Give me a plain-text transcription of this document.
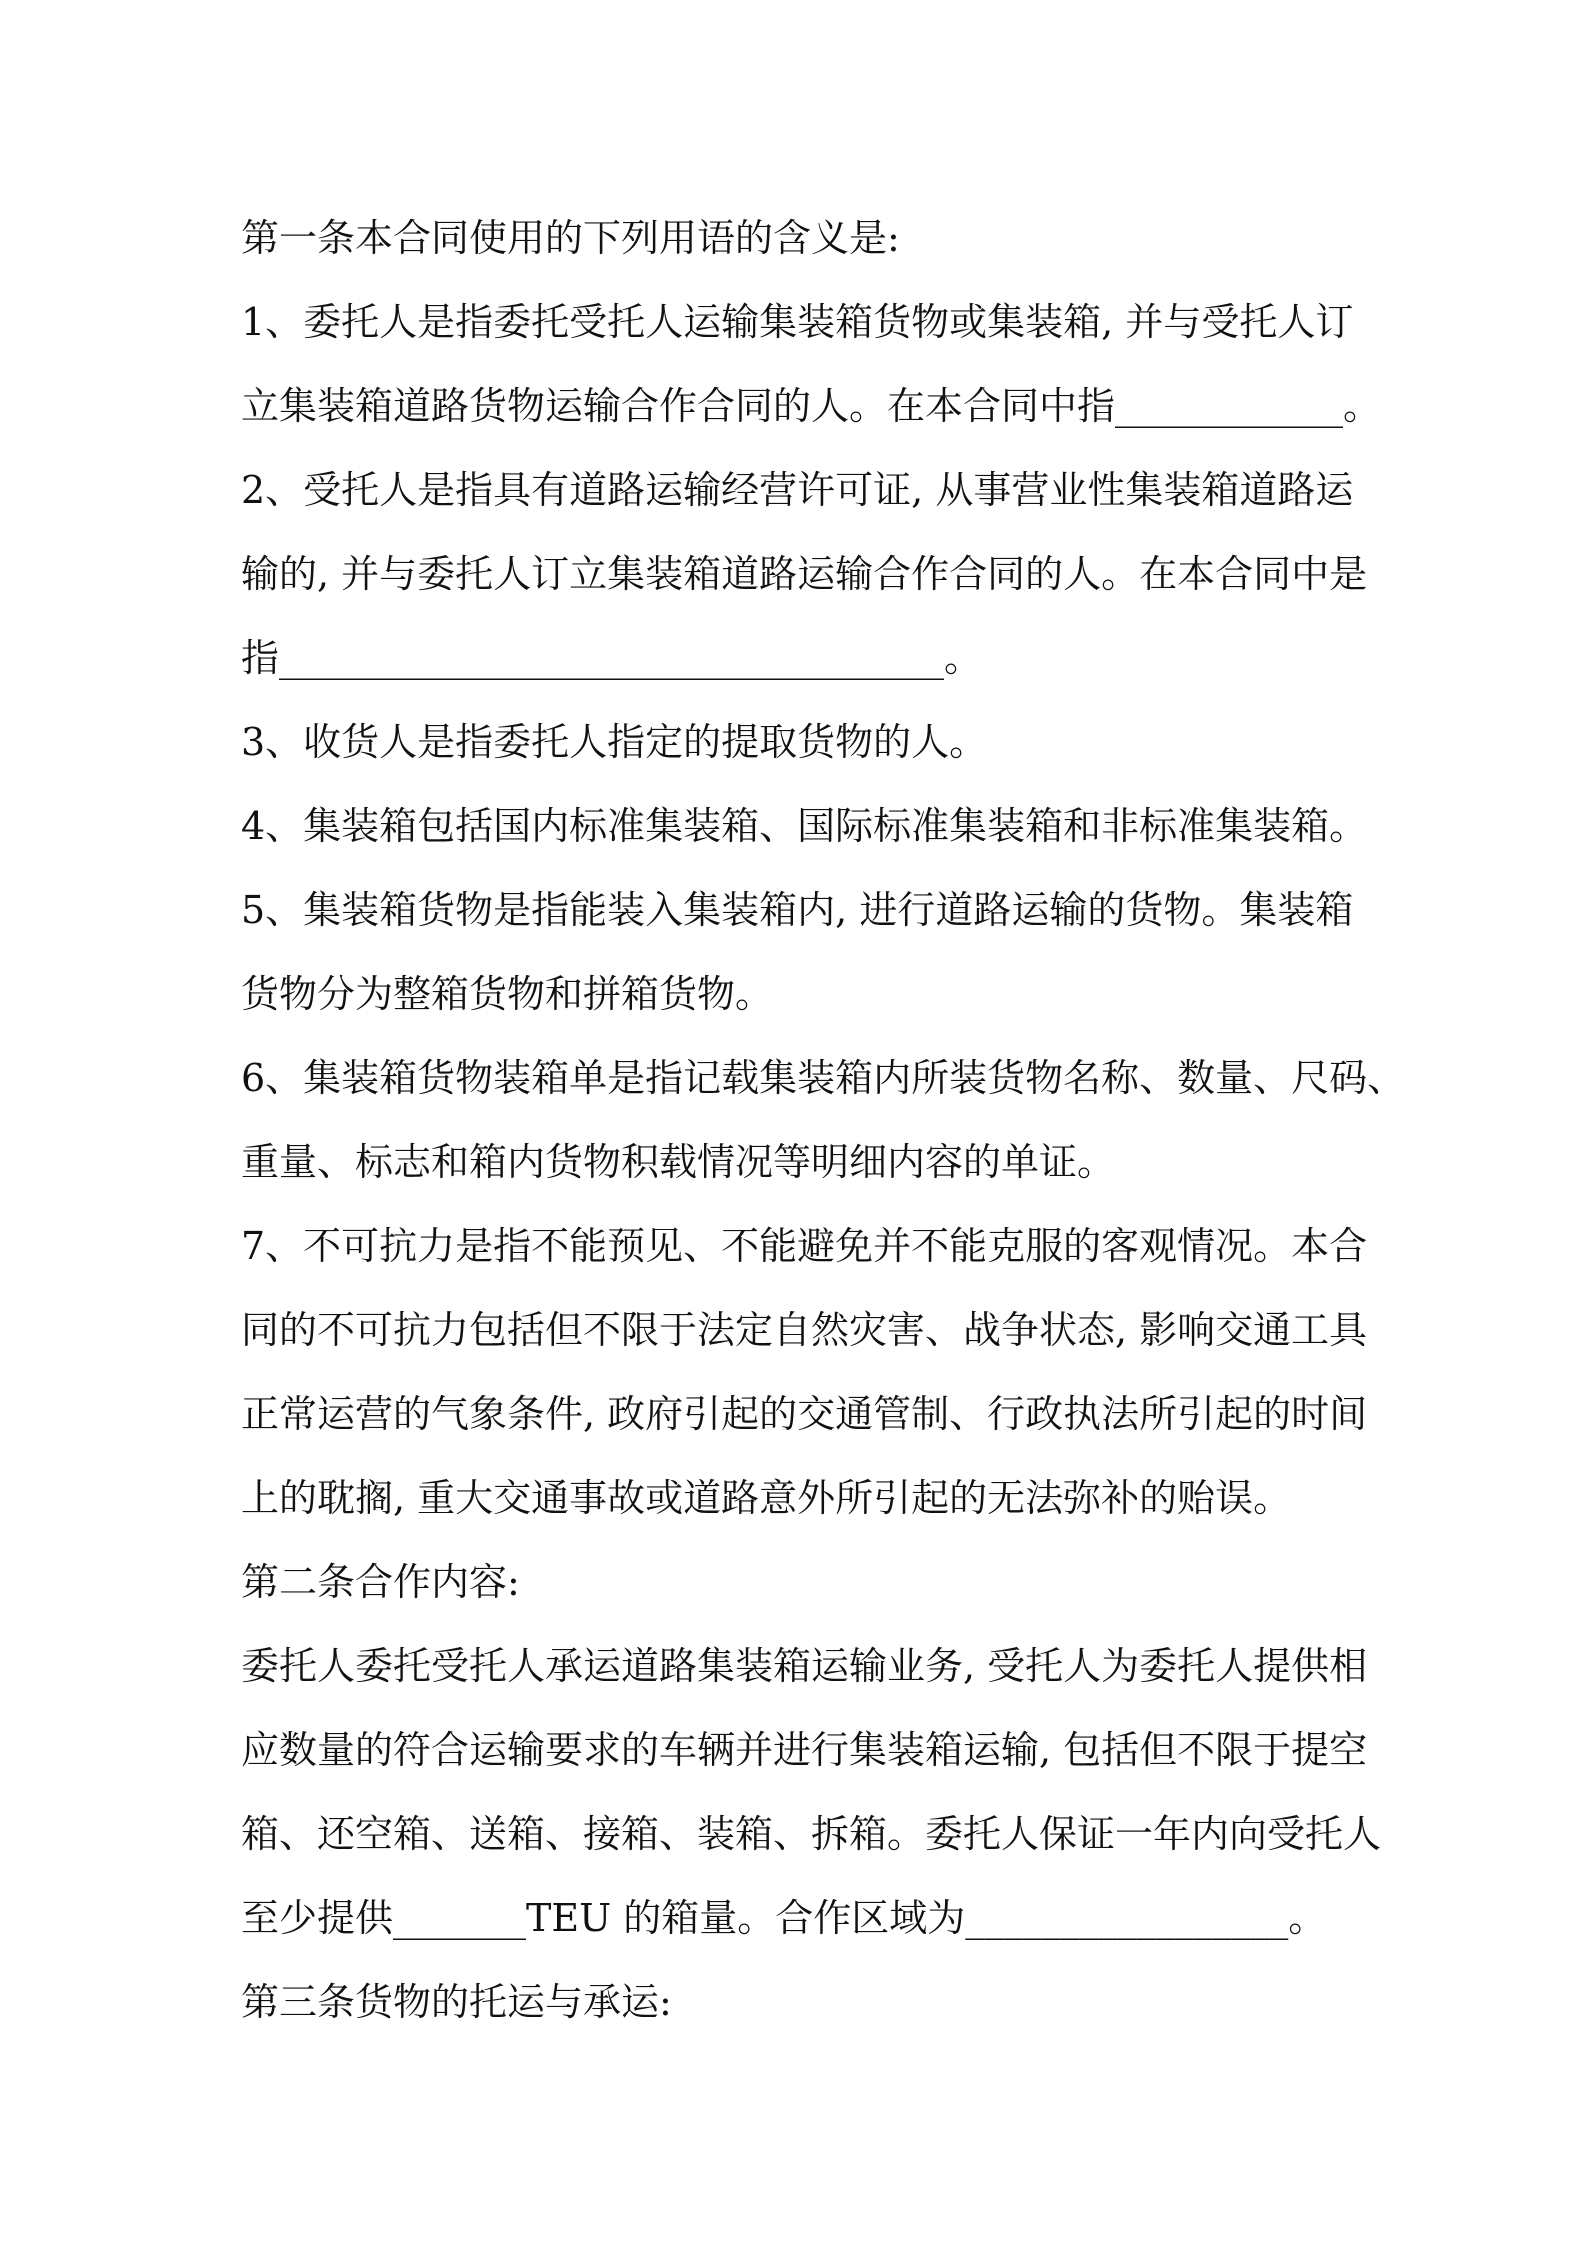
第一条本合同使用的下列用语的含义是:
1、委托人是指委托受托人运输集装箱货物或集装箱, 并与受托人订
立集装箱道路货物运输合作合同的人。在本合同中指____________。
2、受托人是指具有道路运输经营许可证, 从事营业性集装箱道路运
输的, 并与委托人订立集装箱道路运输合作合同的人。在本合同中是
指___________________________________。
3、收货人是指委托人指定的提取货物的人。
4、集装箱包括国内标准集装箱、国际标准集装箱和非标准集装箱。
5、集装箱货物是指能装入集装箱内, 进行道路运输的货物。集装箱
货物分为整箱货物和拼箱货物。
6、集装箱货物装箱单是指记载集装箱内所装货物名称、数量、尺码、
重量、标志和箱内货物积载情况等明细内容的单证。
7、不可抗力是指不能预见、不能避免并不能克服的客观情况。本合
同的不可抗力包括但不限于法定自然灾害、战争状态, 影响交通工具
正常运营的气象条件, 政府引起的交通管制、行政执法所引起的时间
上的耽搁, 重大交通事故或道路意外所引起的无法弥补的贻误。
第二条合作内容:
委托人委托受托人承运道路集装箱运输业务, 受托人为委托人提供相
应数量的符合运输要求的车辆并进行集装箱运输, 包括但不限于提空
箱、还空箱、送箱、接箱、装箱、拆箱。委托人保证一年内向受托人
至少提供_______TEU 的箱量。合作区域为_________________。
第三条货物的托运与承运:
